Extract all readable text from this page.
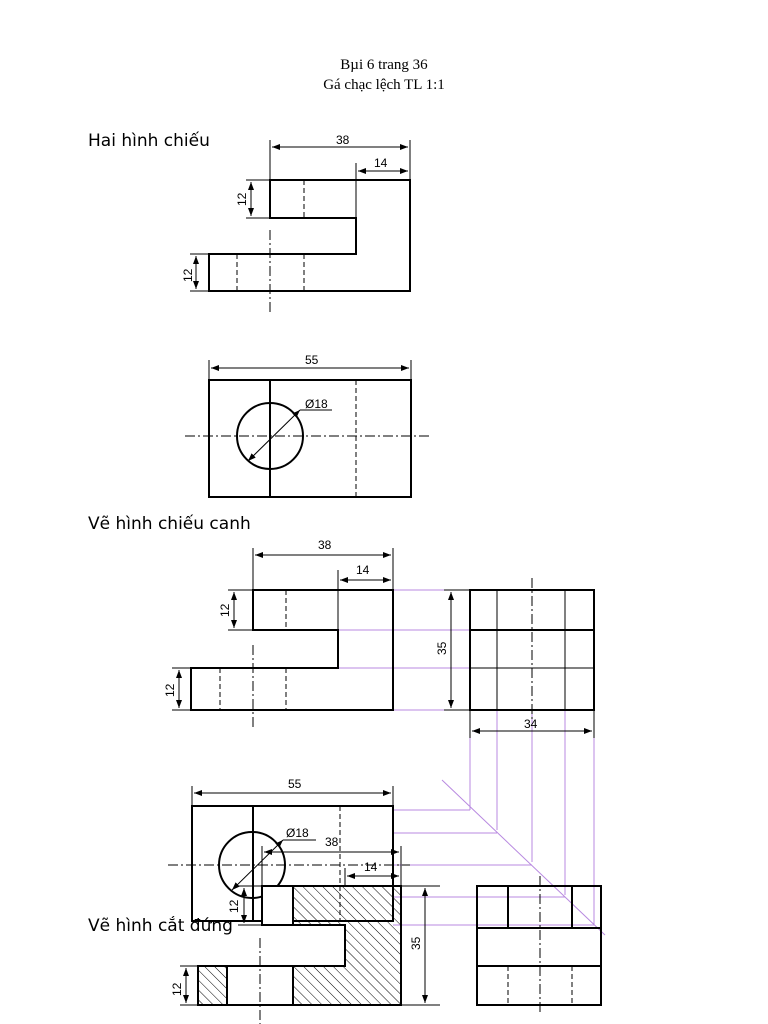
Bµi 6 trang 36
Gá chạc lệch TL 1:1
Hai hình chiếu
Vẽ hình chiếu canh
38
14
12
12
55
Ø18
38
14
12
12
35
34
55
Ø18
38
14
12
12
35
Vẽ hình cắt đứng
